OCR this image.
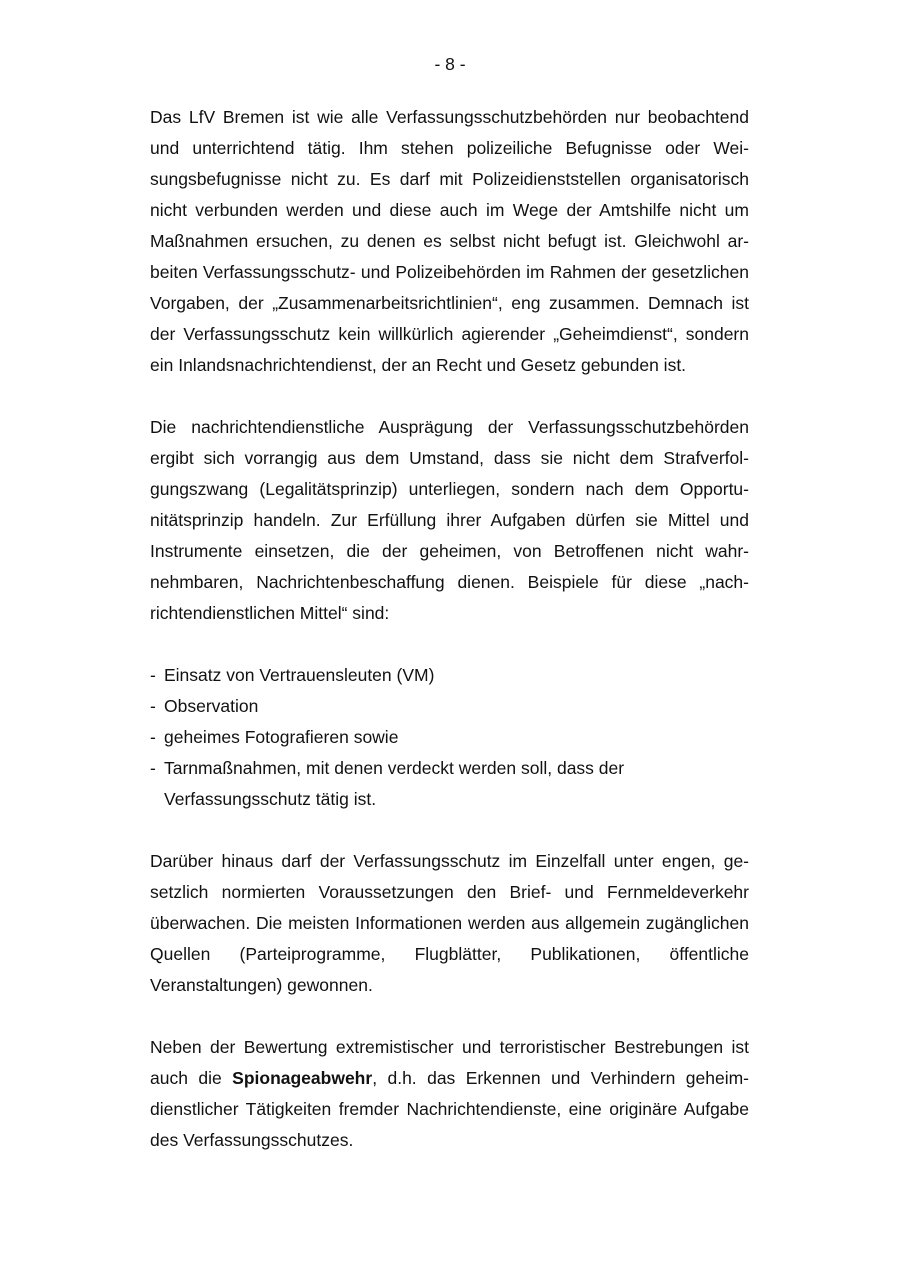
- 8 -

Das LfV Bremen ist wie alle Verfassungsschutzbehörden nur beobachtend und unterrichtend tätig. Ihm stehen polizeiliche Befugnisse oder Weisungsbefugnisse nicht zu. Es darf mit Polizeidienststellen organisatorisch nicht verbunden werden und diese auch im Wege der Amtshilfe nicht um Maßnahmen ersuchen, zu denen es selbst nicht befugt ist. Gleichwohl arbeiten Verfassungsschutz- und Polizeibehörden im Rahmen der gesetzlichen Vorgaben, der „Zusammenarbeitsrichtlinien“, eng zusammen. Demnach ist der Verfassungsschutz kein willkürlich agierender „Geheimdienst“, sondern ein Inlandsnachrichtendienst, der an Recht und Gesetz gebunden ist.

Die nachrichtendienstliche Ausprägung der Verfassungsschutzbehörden ergibt sich vorrangig aus dem Umstand, dass sie nicht dem Strafverfolgungszwang (Legalitätsprinzip) unterliegen, sondern nach dem Opportunitätsprinzip handeln. Zur Erfüllung ihrer Aufgaben dürfen sie Mittel und Instrumente einsetzen, die der geheimen, von Betroffenen nicht wahrnehmbaren, Nachrichtenbeschaffung dienen. Beispiele für diese „nachrichtendienstlichen Mittel“ sind:

- Einsatz von Vertrauensleuten (VM)
- Observation
- geheimes Fotografieren sowie
- Tarnmaßnahmen, mit denen verdeckt werden soll, dass der Verfassungsschutz tätig ist.

Darüber hinaus darf der Verfassungsschutz im Einzelfall unter engen, gesetzlich normierten Voraussetzungen den Brief- und Fernmeldeverkehr überwachen. Die meisten Informationen werden aus allgemein zugänglichen Quellen (Parteiprogramme, Flugblätter, Publikationen, öffentliche Veranstaltungen) gewonnen.

Neben der Bewertung extremistischer und terroristischer Bestrebungen ist auch die Spionageabwehr, d.h. das Erkennen und Verhindern geheimdienstlicher Tätigkeiten fremder Nachrichtendienste, eine originäre Aufgabe des Verfassungsschutzes.
